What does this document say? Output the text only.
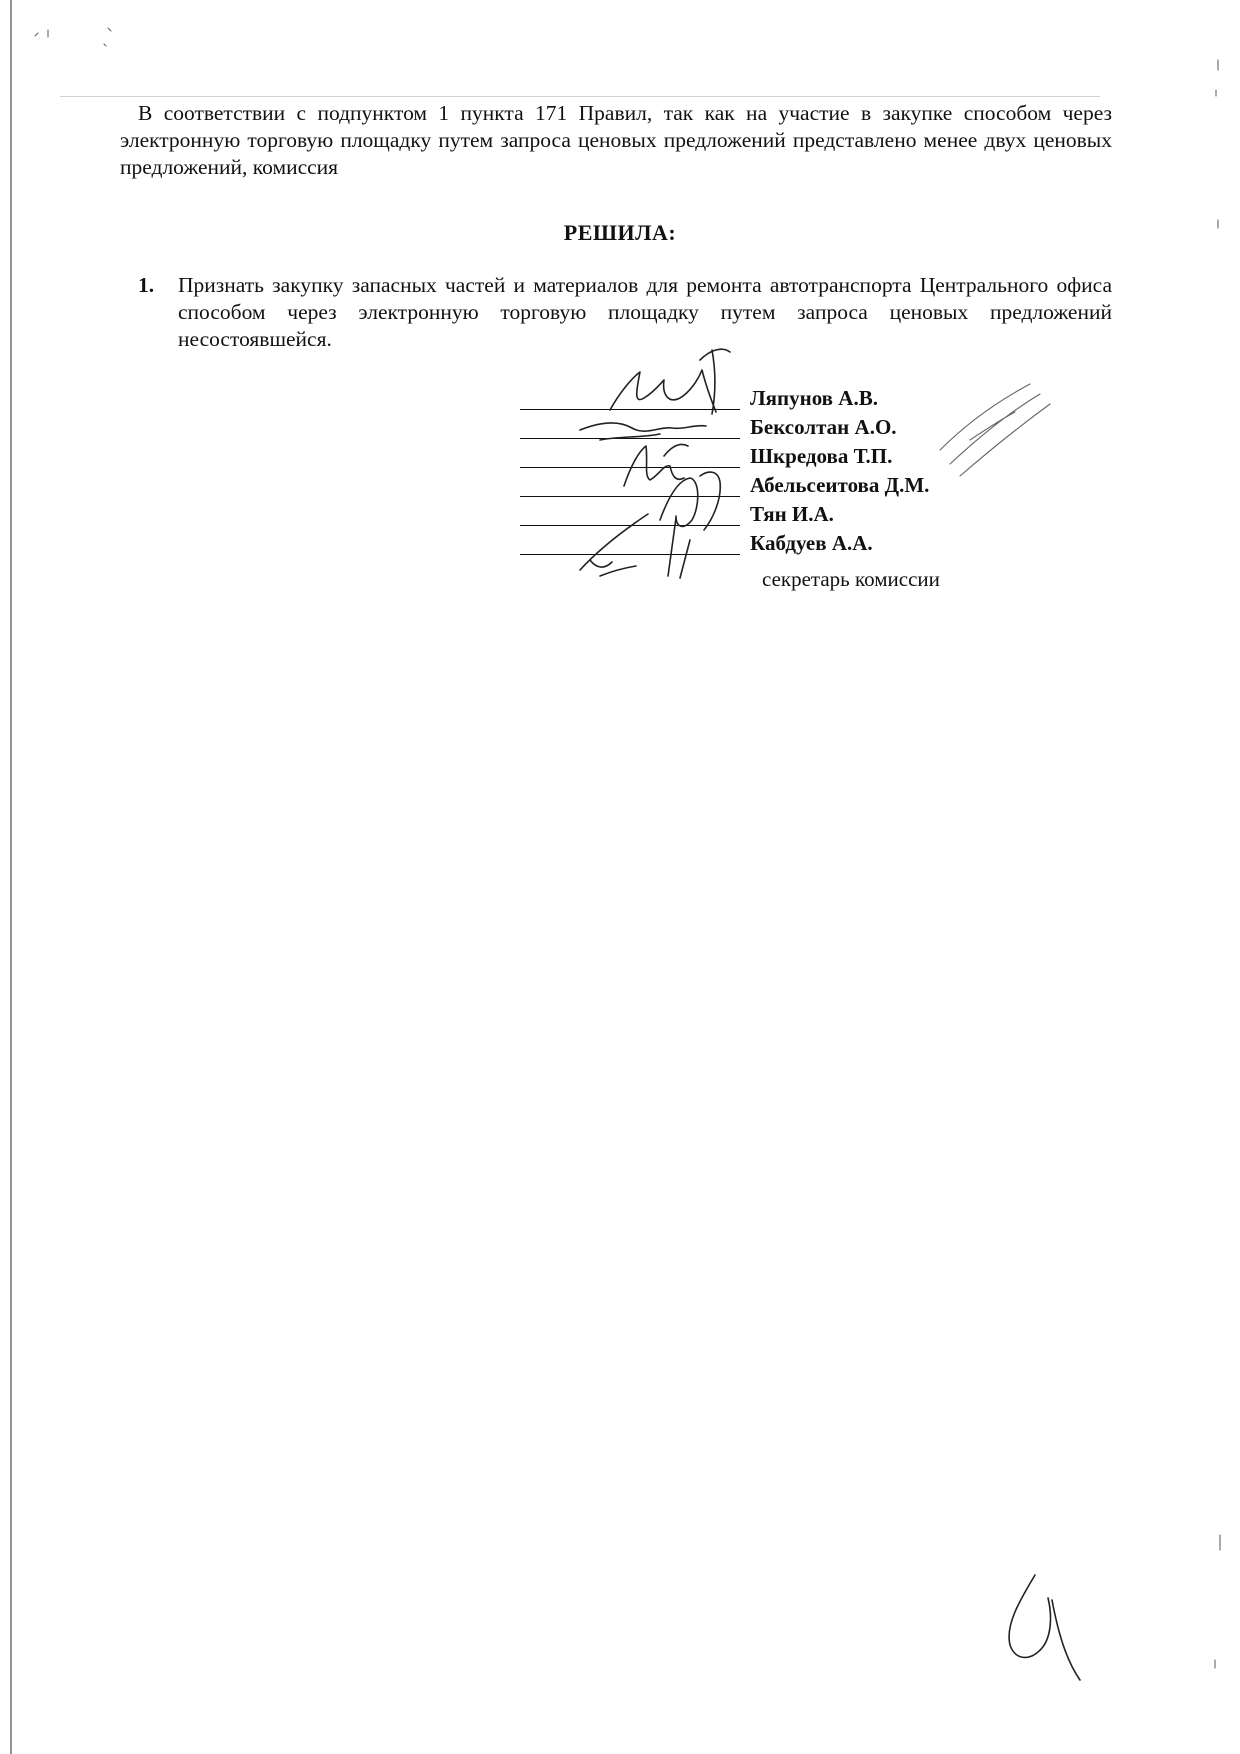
В соответствии с подпунктом 1 пункта 171 Правил, так как на участие в закупке способом через электронную торговую площадку путем запроса ценовых предложений представлено менее двух ценовых предложений, комиссия
РЕШИЛА:
1. Признать закупку запасных частей и материалов для ремонта автотранспорта Центрального офиса способом через электронную торговую площадку путем запроса ценовых предложений несостоявшейся.
Ляпунов А.В.
Бексолтан А.О.
Шкредова Т.П.
Абельсеитова Д.М.
Тян И.А.
Кабдуев А.А.
секретарь комиссии
